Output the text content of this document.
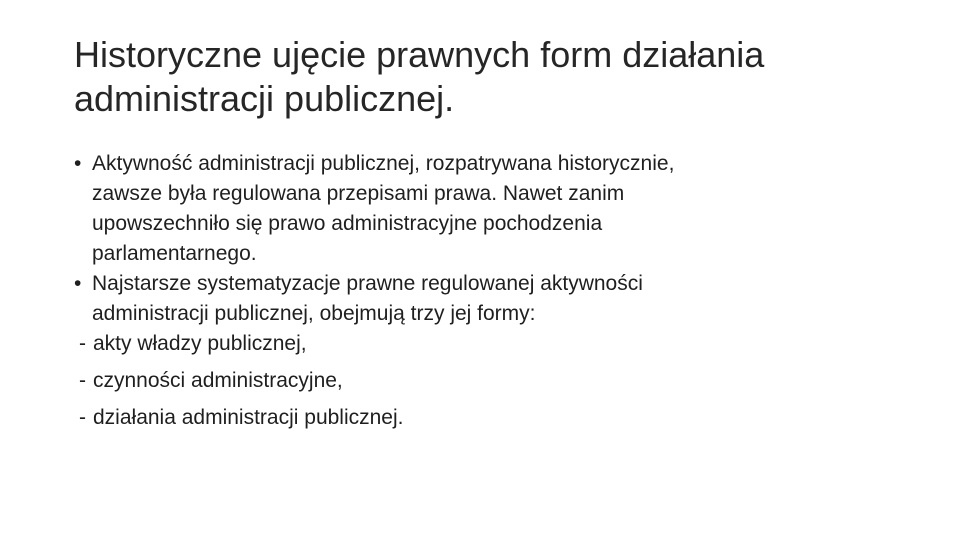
Historyczne ujęcie prawnych form działania
administracji publicznej.
• Aktywność administracji publicznej, rozpatrywana historycznie,
zawsze była regulowana przepisami prawa. Nawet zanim
upowszechniło się prawo administracyjne pochodzenia
parlamentarnego.
• Najstarsze systematyzacje prawne regulowanej aktywności
administracji publicznej, obejmują trzy jej formy:
- akty władzy publicznej,
- czynności administracyjne,
- działania administracji publicznej.
